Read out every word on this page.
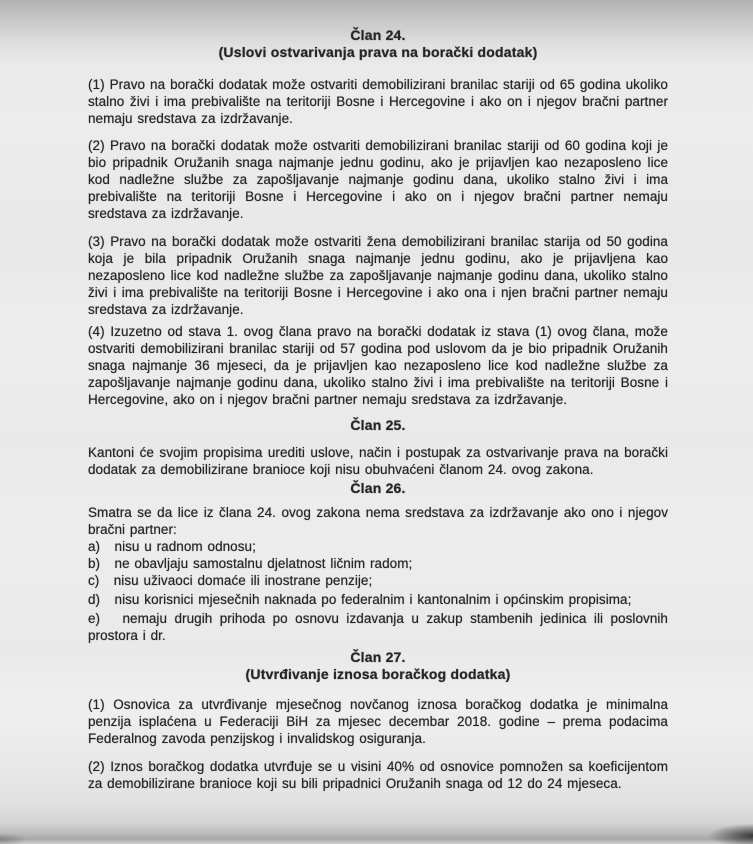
Član 24.
(Uslovi ostvarivanja prava na borački dodatak)

(1) Pravo na borački dodatak može ostvariti demobilizirani branilac stariji od 65 godina ukoliko stalno živi i ima prebivalište na teritoriji Bosne i Hercegovine i ako on i njegov bračni partner nemaju sredstava za izdržavanje.

(2) Pravo na borački dodatak može ostvariti demobilizirani branilac stariji od 60 godina koji je bio pripadnik Oružanih snaga najmanje jednu godinu, ako je prijavljen kao nezaposleno lice kod nadležne službe za zapošljavanje najmanje godinu dana, ukoliko stalno živi i ima prebivalište na teritoriji Bosne i Hercegovine i ako on i njegov bračni partner nemaju sredstava za izdržavanje.

(3) Pravo na borački dodatak može ostvariti žena demobilizirani branilac starija od 50 godina koja je bila pripadnik Oružanih snaga najmanje jednu godinu, ako je prijavljena kao nezaposleno lice kod nadležne službe za zapošljavanje najmanje godinu dana, ukoliko stalno živi i ima prebivalište na teritoriji Bosne i Hercegovine i ako ona i njen bračni partner nemaju sredstava za izdržavanje.

(4) Izuzetno od stava 1. ovog člana pravo na borački dodatak iz stava (1) ovog člana, može ostvariti demobilizirani branilac stariji od 57 godina pod uslovom da je bio pripadnik Oružanih snaga najmanje 36 mjeseci, da je prijavljen kao nezaposleno lice kod nadležne službe za zapošljavanje najmanje godinu dana, ukoliko stalno živi i ima prebivalište na teritoriji Bosne i Hercegovine, ako on i njegov bračni partner nemaju sredstava za izdržavanje.

Član 25.

Kantoni će svojim propisima urediti uslove, način i postupak za ostvarivanje prava na borački dodatak za demobilizirane branioce koji nisu obuhvaćeni članom 24. ovog zakona.

Član 26.

Smatra se da lice iz člana 24. ovog zakona nema sredstava za izdržavanje ako ono i njegov bračni partner:

a)   nisu u radnom odnosu;

b)   ne obavljaju samostalnu djelatnost ličnim radom;

c)   nisu uživaoci domaće ili inostrane penzije;

d)   nisu korisnici mjesečnih naknada po federalnim i kantonalnim i općinskim propisima;

e)   nemaju drugih prihoda po osnovu izdavanja u zakup stambenih jedinica ili poslovnih prostora i dr.

Član 27.
(Utvrđivanje iznosa boračkog dodatka)

(1) Osnovica za utvrđivanje mjesečnog novčanog iznosa boračkog dodatka je minimalna penzija isplaćena u Federaciji BiH za mjesec decembar 2018. godine – prema podacima Federalnog zavoda penzijskog i invalidskog osiguranja.

(2) Iznos boračkog dodatka utvrđuje se u visini 40% od osnovice pomnožen sa koeficijentom za demobilizirane branioce koji su bili pripadnici Oružanih snaga od 12 do 24 mjeseca.
